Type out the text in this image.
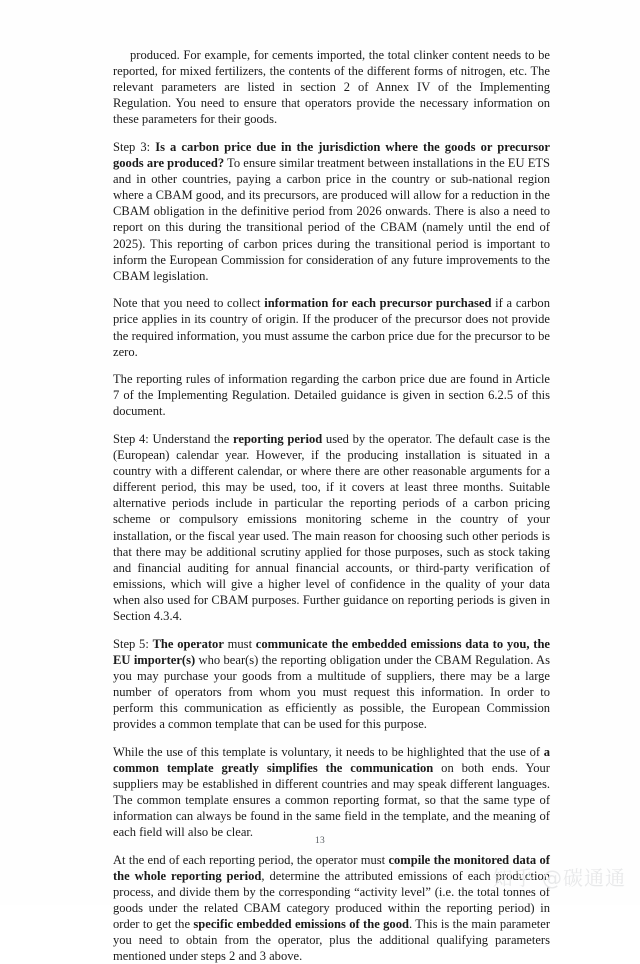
produced. For example, for cements imported, the total clinker content needs to be reported, for mixed fertilizers, the contents of the different forms of nitrogen, etc. The relevant parameters are listed in section 2 of Annex IV of the Implementing Regulation. You need to ensure that operators provide the necessary information on these parameters for their goods.

Step 3: Is a carbon price due in the jurisdiction where the goods or precursor goods are produced? To ensure similar treatment between installations in the EU ETS and in other countries, paying a carbon price in the country or sub-national region where a CBAM good, and its precursors, are produced will allow for a reduction in the CBAM obligation in the definitive period from 2026 onwards. There is also a need to report on this during the transitional period of the CBAM (namely until the end of 2025). This reporting of carbon prices during the transitional period is important to inform the European Commission for consideration of any future improvements to the CBAM legislation.

Note that you need to collect information for each precursor purchased if a carbon price applies in its country of origin. If the producer of the precursor does not provide the required information, you must assume the carbon price due for the precursor to be zero.

The reporting rules of information regarding the carbon price due are found in Article 7 of the Implementing Regulation. Detailed guidance is given in section 6.2.5 of this document.

Step 4: Understand the reporting period used by the operator. The default case is the (European) calendar year. However, if the producing installation is situated in a country with a different calendar, or where there are other reasonable arguments for a different period, this may be used, too, if it covers at least three months. Suitable alternative periods include in particular the reporting periods of a carbon pricing scheme or compulsory emissions monitoring scheme in the country of your installation, or the fiscal year used. The main reason for choosing such other periods is that there may be additional scrutiny applied for those purposes, such as stock taking and financial auditing for annual financial accounts, or third-party verification of emissions, which will give a higher level of confidence in the quality of your data when also used for CBAM purposes. Further guidance on reporting periods is given in Section 4.3.4.

Step 5: The operator must communicate the embedded emissions data to you, the EU importer(s) who bear(s) the reporting obligation under the CBAM Regulation. As you may purchase your goods from a multitude of suppliers, there may be a large number of operators from whom you must request this information. In order to perform this communication as efficiently as possible, the European Commission provides a common template that can be used for this purpose.

While the use of this template is voluntary, it needs to be highlighted that the use of a common template greatly simplifies the communication on both ends. Your suppliers may be established in different countries and may speak different languages. The common template ensures a common reporting format, so that the same type of information can always be found in the same field in the template, and the meaning of each field will also be clear.

At the end of each reporting period, the operator must compile the monitored data of the whole reporting period, determine the attributed emissions of each production process, and divide them by the corresponding “activity level” (i.e. the total tonnes of goods under the related CBAM category produced within the reporting period) in order to get the specific embedded emissions of the good. This is the main parameter you need to obtain from the operator, plus the additional qualifying parameters mentioned under steps 2 and 3 above.

13
知乎 @碳通通
